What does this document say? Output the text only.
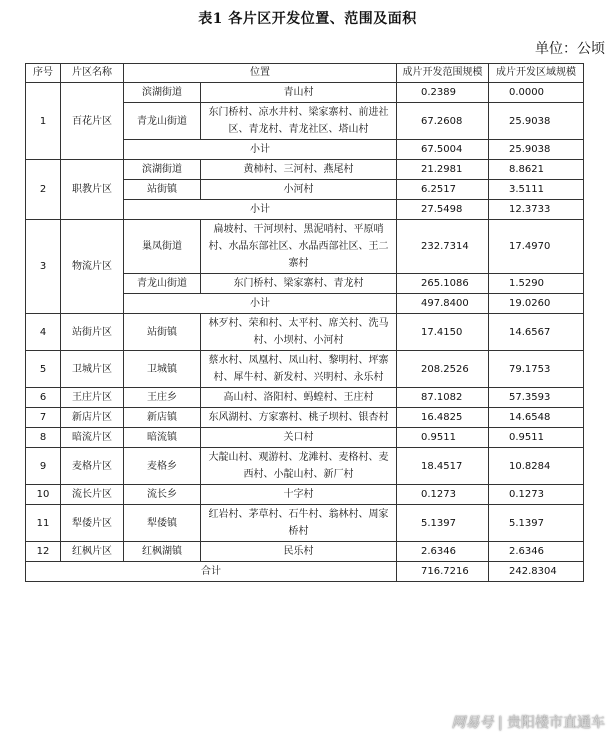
表1 各片区开发位置、范围及面积
单位：公顷
序号	片区名称	位置		成片开发范围规模	成片开发区域规模
1	百花片区	滨湖街道	青山村	0.2389	0.0000
		青龙山街道	东门桥村、凉水井村、梁家寨村、前进社区、青龙村、青龙社区、塔山村	67.2608	25.9038
		小计		67.5004	25.9038
2	职教片区	滨湖街道	黄柿村、三河村、燕尾村	21.2981	8.8621
		站街镇	小河村	6.2517	3.5111
		小计		27.5498	12.3733
3	物流片区	巢凤街道	扁坡村、干河坝村、黑泥哨村、平原哨村、水晶东部社区、水晶西部社区、王二寨村	232.7314	17.4970
		青龙山街道	东门桥村、梁家寨村、青龙村	265.1086	1.5290
		小计		497.8400	19.0260
4	站街片区	站街镇	林歹村、荣和村、太平村、席关村、洗马村、小坝村、小河村	17.4150	14.6567
5	卫城片区	卫城镇	蔡水村、凤凰村、凤山村、黎明村、坪寨村、犀牛村、新发村、兴明村、永乐村	208.2526	79.1753
6	王庄片区	王庄乡	高山村、洛阳村、蚂蝗村、王庄村	87.1082	57.3593
7	新店片区	新店镇	东风湖村、方家寨村、桃子坝村、银杏村	16.4825	14.6548
8	暗流片区	暗流镇	关口村	0.9511	0.9511
9	麦格片区	麦格乡	大靛山村、观游村、龙滩村、麦格村、麦西村、小靛山村、新厂村	18.4517	10.8284
10	流长片区	流长乡	十字村	0.1273	0.1273
11	犁倭片区	犁倭镇	红岩村、茅草村、石牛村、翁林村、周家桥村	5.1397	5.1397
12	红枫片区	红枫湖镇	民乐村	2.6346	2.6346
合计				716.7216	242.8304
网易号 | 贵阳楼市直通车
